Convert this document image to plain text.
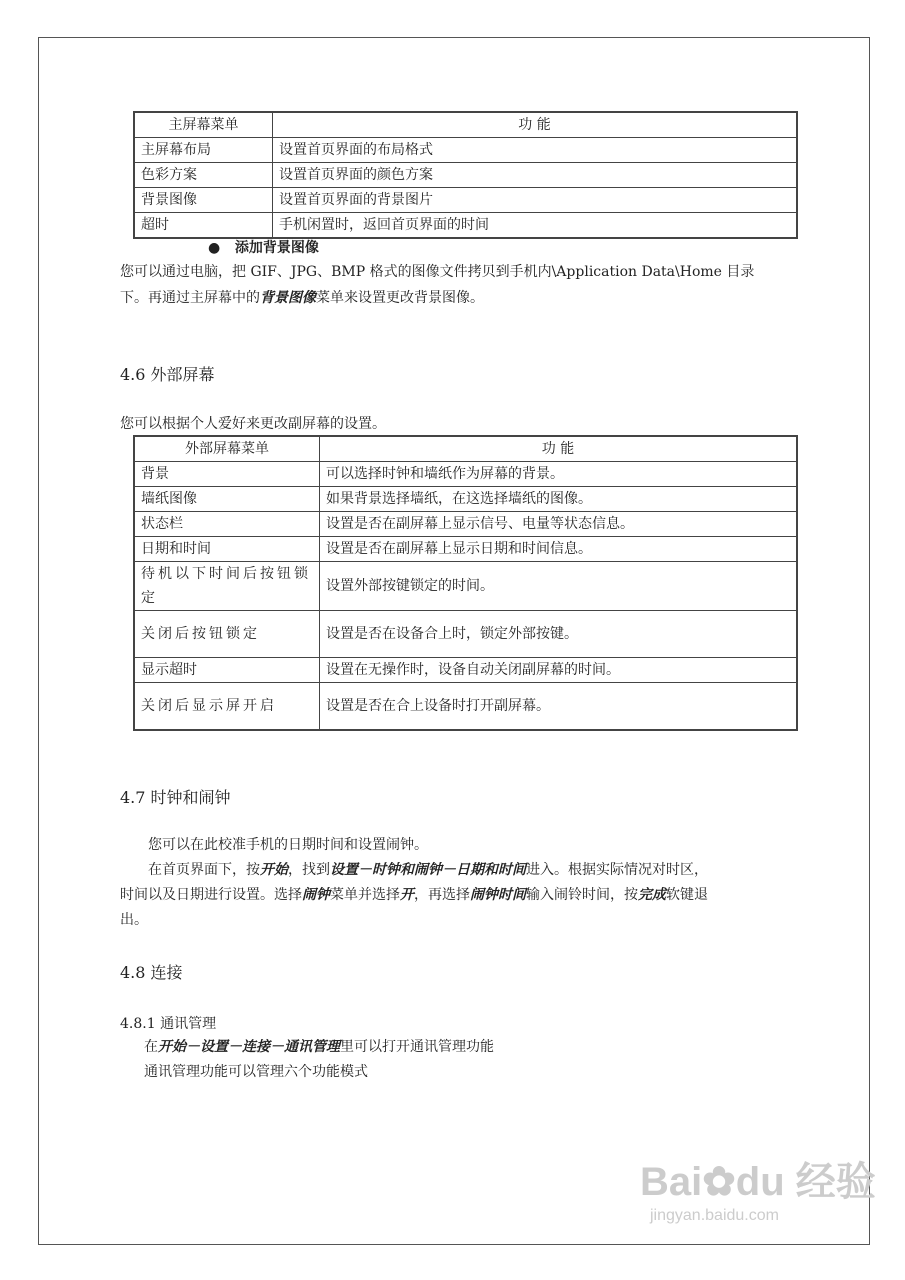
主屏幕菜单	功 能
主屏幕布局	设置首页界面的布局格式
色彩方案	设置首页界面的颜色方案
背景图像	设置首页界面的背景图片
超时	手机闲置时，返回首页界面的时间
●   添加背景图像
您可以通过电脑，把 GIF、JPG、BMP 格式的图像文件拷贝到手机内\Application Data\Home 目录
下。再通过主屏幕中的背景图像菜单来设置更改背景图像。
4.6 外部屏幕
您可以根据个人爱好来更改副屏幕的设置。
外部屏幕菜单	功 能
背景	可以选择时钟和墙纸作为屏幕的背景。
墙纸图像	如果背景选择墙纸，在这选择墙纸的图像。
状态栏	设置是否在副屏幕上显示信号、电量等状态信息。
日期和时间	设置是否在副屏幕上显示日期和时间信息。
待机以下时间后按钮锁定	设置外部按键锁定的时间。
关闭后按钮锁定	设置是否在设备合上时，锁定外部按键。
显示超时	设置在无操作时，设备自动关闭副屏幕的时间。
关闭后显示屏开启	设置是否在合上设备时打开副屏幕。
4.7 时钟和闹钟
您可以在此校准手机的日期时间和设置闹钟。
在首页界面下，按开始，找到设置－时钟和闹钟－日期和时间进入。根据实际情况对时区，
时间以及日期进行设置。选择闹钟菜单并选择开，再选择闹钟时间输入闹铃时间，按完成软键退
出。
4.8 连接
4.8.1 通讯管理
在开始－设置－连接－通讯管理里可以打开通讯管理功能
通讯管理功能可以管理六个功能模式
Bai✿du 经验
jingyan.baidu.com
